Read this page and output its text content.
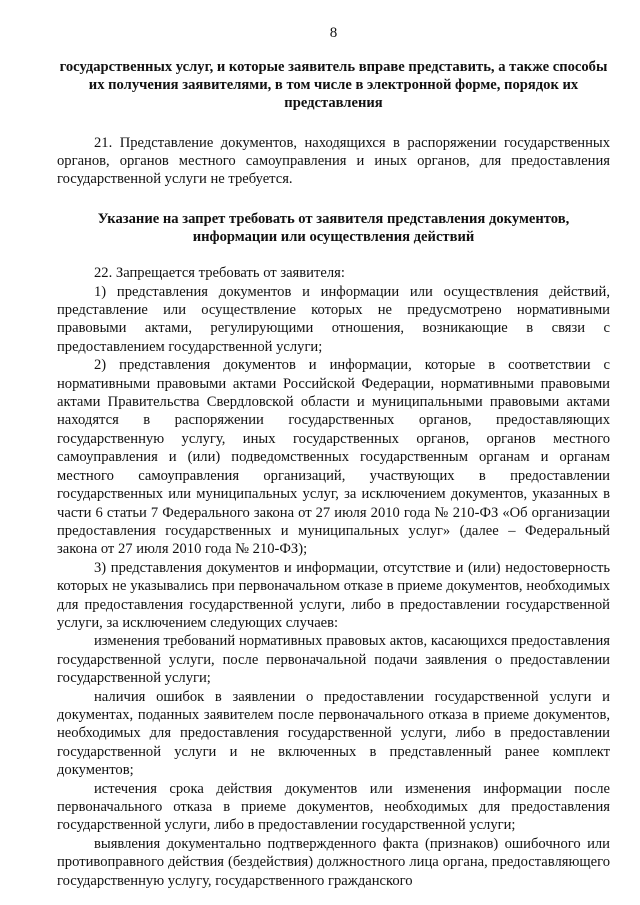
8

государственных услуг, и которые заявитель вправе представить, а также способы их получения заявителями, в том числе в электронной форме, порядок их представления

21. Представление документов, находящихся в распоряжении государственных органов, органов местного самоуправления и иных органов, для предоставления государственной услуги не требуется.

Указание на запрет требовать от заявителя представления документов, информации или осуществления действий

22. Запрещается требовать от заявителя:

1) представления документов и информации или осуществления действий, представление или осуществление которых не предусмотрено нормативными правовыми актами, регулирующими отношения, возникающие в связи с предоставлением государственной услуги;

2) представления документов и информации, которые в соответствии с нормативными правовыми актами Российской Федерации, нормативными правовыми актами Правительства Свердловской области и муниципальными правовыми актами находятся в распоряжении государственных органов, предоставляющих государственную услугу, иных государственных органов, органов местного самоуправления и (или) подведомственных государственным органам и органам местного самоуправления организаций, участвующих в предоставлении государственных или муниципальных услуг, за исключением документов, указанных в части 6 статьи 7 Федерального закона от 27 июля 2010 года № 210-ФЗ «Об организации предоставления государственных и муниципальных услуг» (далее – Федеральный закона от 27 июля 2010 года № 210-ФЗ);

3) представления документов и информации, отсутствие и (или) недостоверность которых не указывались при первоначальном отказе в приеме документов, необходимых для предоставления государственной услуги, либо в предоставлении государственной услуги, за исключением следующих случаев:

изменения требований нормативных правовых актов, касающихся предоставления государственной услуги, после первоначальной подачи заявления о предоставлении государственной услуги;

наличия ошибок в заявлении о предоставлении государственной услуги и документах, поданных заявителем после первоначального отказа в приеме документов, необходимых для предоставления государственной услуги, либо в предоставлении государственной услуги и не включенных в представленный ранее комплект документов;

истечения срока действия документов или изменения информации после первоначального отказа в приеме документов, необходимых для предоставления государственной услуги, либо в предоставлении государственной услуги;

выявления документально подтвержденного факта (признаков) ошибочного или противоправного действия (бездействия) должностного лица органа, предоставляющего государственную услугу, государственного гражданского
